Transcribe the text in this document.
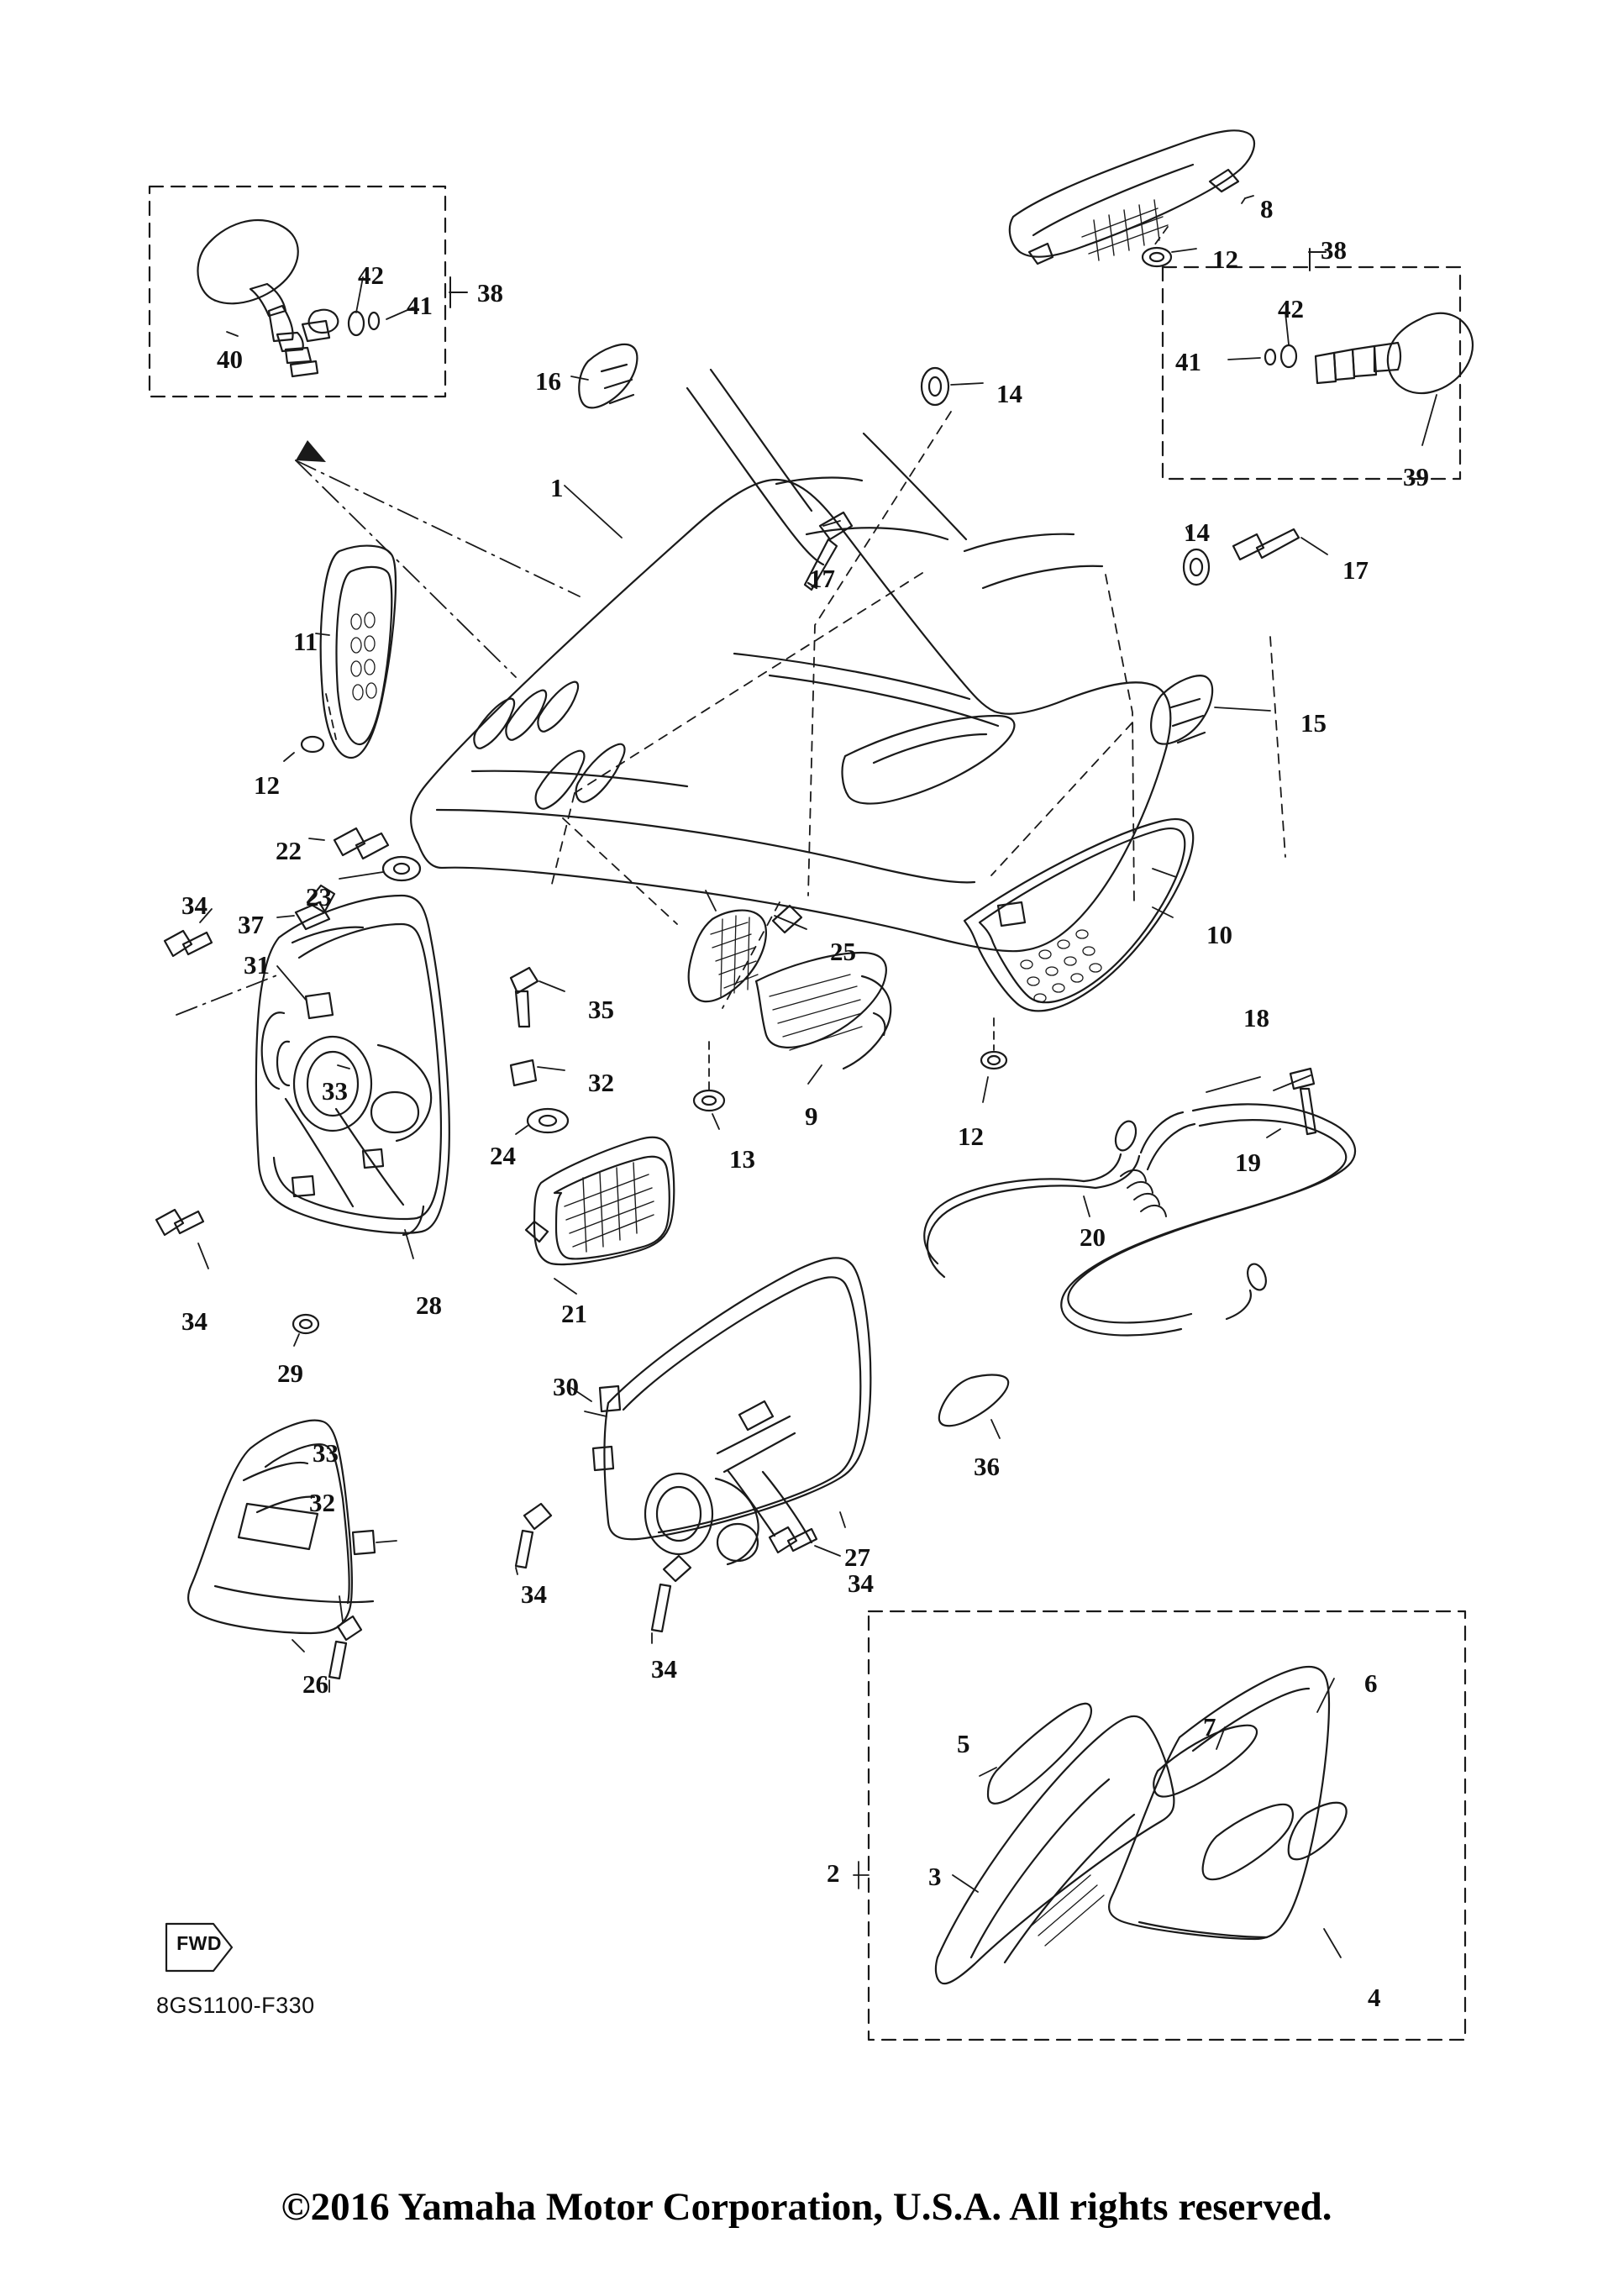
FWD
8GS1100-F330
1
2	3
4
5
6
7
8
9
10
11
12
12
12
13
14
14
15
16
17	17
18
19
20
21
22
23
24
25
26
27
28
29	30
31
32
32
33
33
34
34
34	34
34
35
36
37
38
38
39
40
41
41
42
42
©2016 Yamaha Motor Corporation, U.S.A. All rights reserved.
